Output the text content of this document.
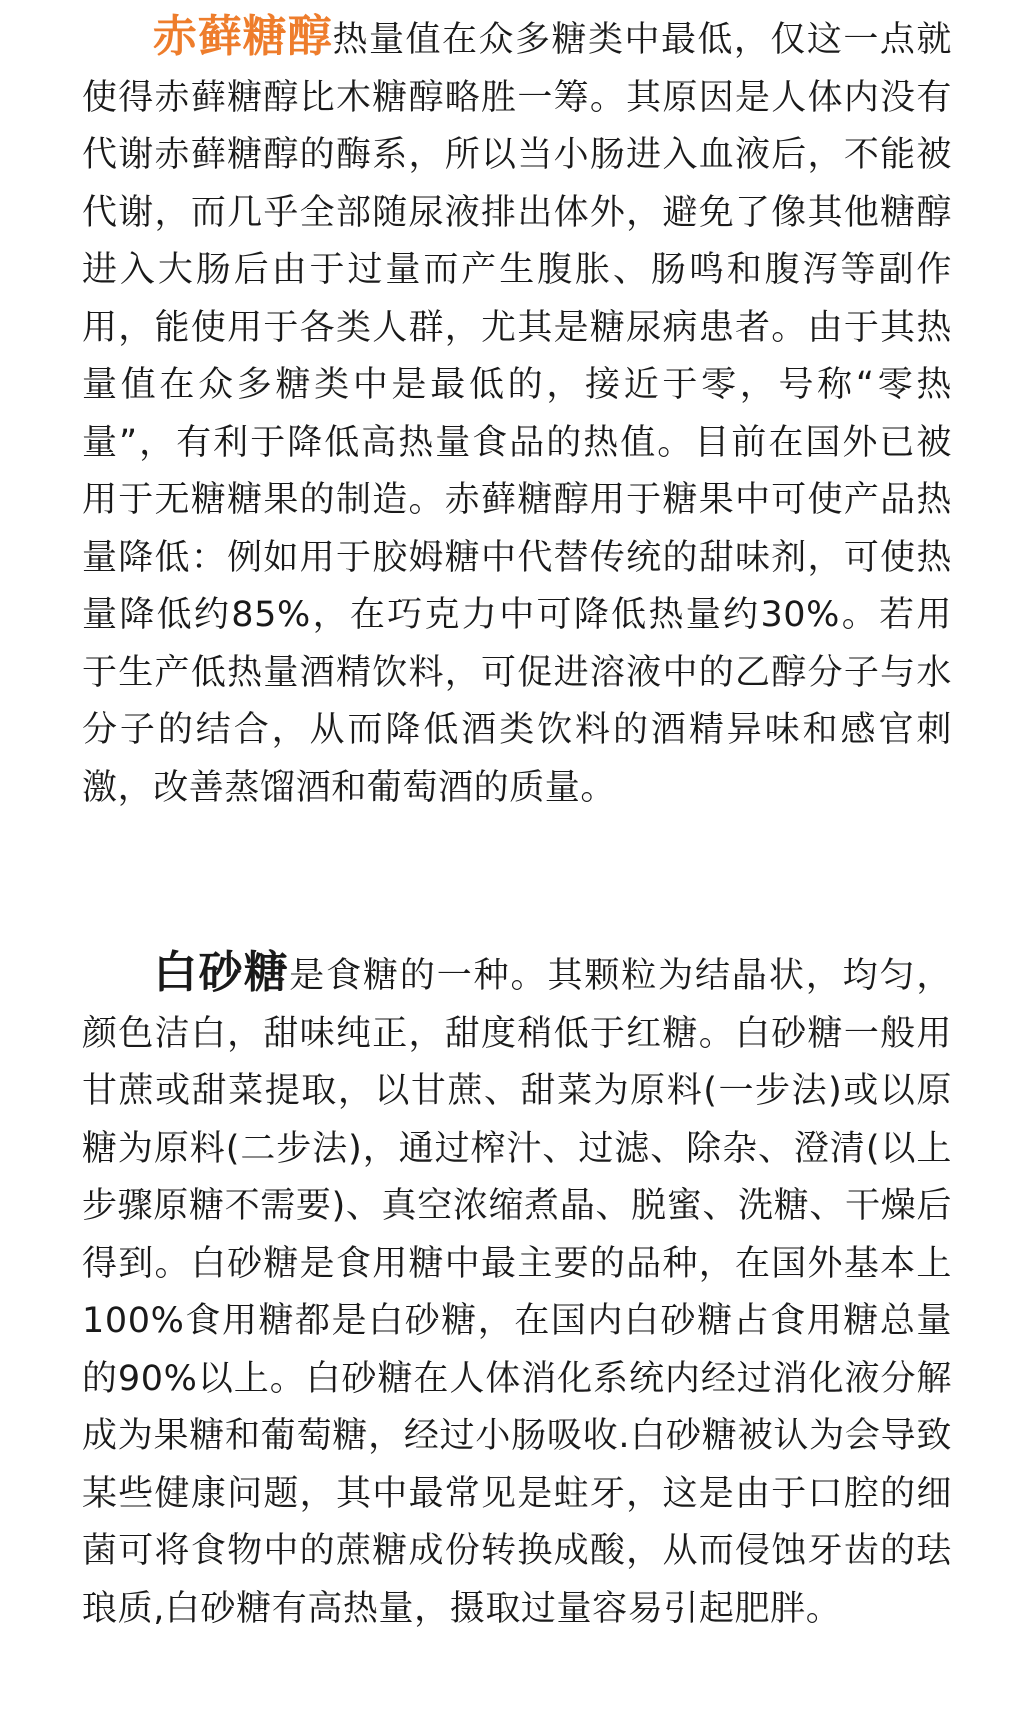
赤藓糖醇热量值在众多糖类中最低，仅这一点就使得赤藓糖醇比木糖醇略胜一筹。其原因是人体内没有代谢赤藓糖醇的酶系，所以当小肠进入血液后，不能被代谢，而几乎全部随尿液排出体外，避免了像其他糖醇进入大肠后由于过量而产生腹胀、肠鸣和腹泻等副作用，能使用于各类人群，尤其是糖尿病患者。由于其热量值在众多糖类中是最低的，接近于零，号称“零热量”，有利于降低高热量食品的热值。目前在国外已被用于无糖糖果的制造。赤藓糖醇用于糖果中可使产品热量降低：例如用于胶姆糖中代替传统的甜味剂，可使热量降低约85%，在巧克力中可降低热量约30%。若用于生产低热量酒精饮料，可促进溶液中的乙醇分子与水分子的结合，从而降低酒类饮料的酒精异味和感官刺激，改善蒸馏酒和葡萄酒的质量。

白砂糖是食糖的一种。其颗粒为结晶状，均匀，颜色洁白，甜味纯正，甜度稍低于红糖。白砂糖一般用甘蔗或甜菜提取，以甘蔗、甜菜为原料(一步法)或以原糖为原料(二步法)，通过榨汁、过滤、除杂、澄清(以上步骤原糖不需要)、真空浓缩煮晶、脱蜜、洗糖、干燥后得到。白砂糖是食用糖中最主要的品种，在国外基本上100%食用糖都是白砂糖，在国内白砂糖占食用糖总量的90%以上。白砂糖在人体消化系统内经过消化液分解成为果糖和葡萄糖，经过小肠吸收.白砂糖被认为会导致某些健康问题，其中最常见是蛀牙，这是由于口腔的细菌可将食物中的蔗糖成份转换成酸，从而侵蚀牙齿的珐琅质,白砂糖有高热量，摄取过量容易引起肥胖。
